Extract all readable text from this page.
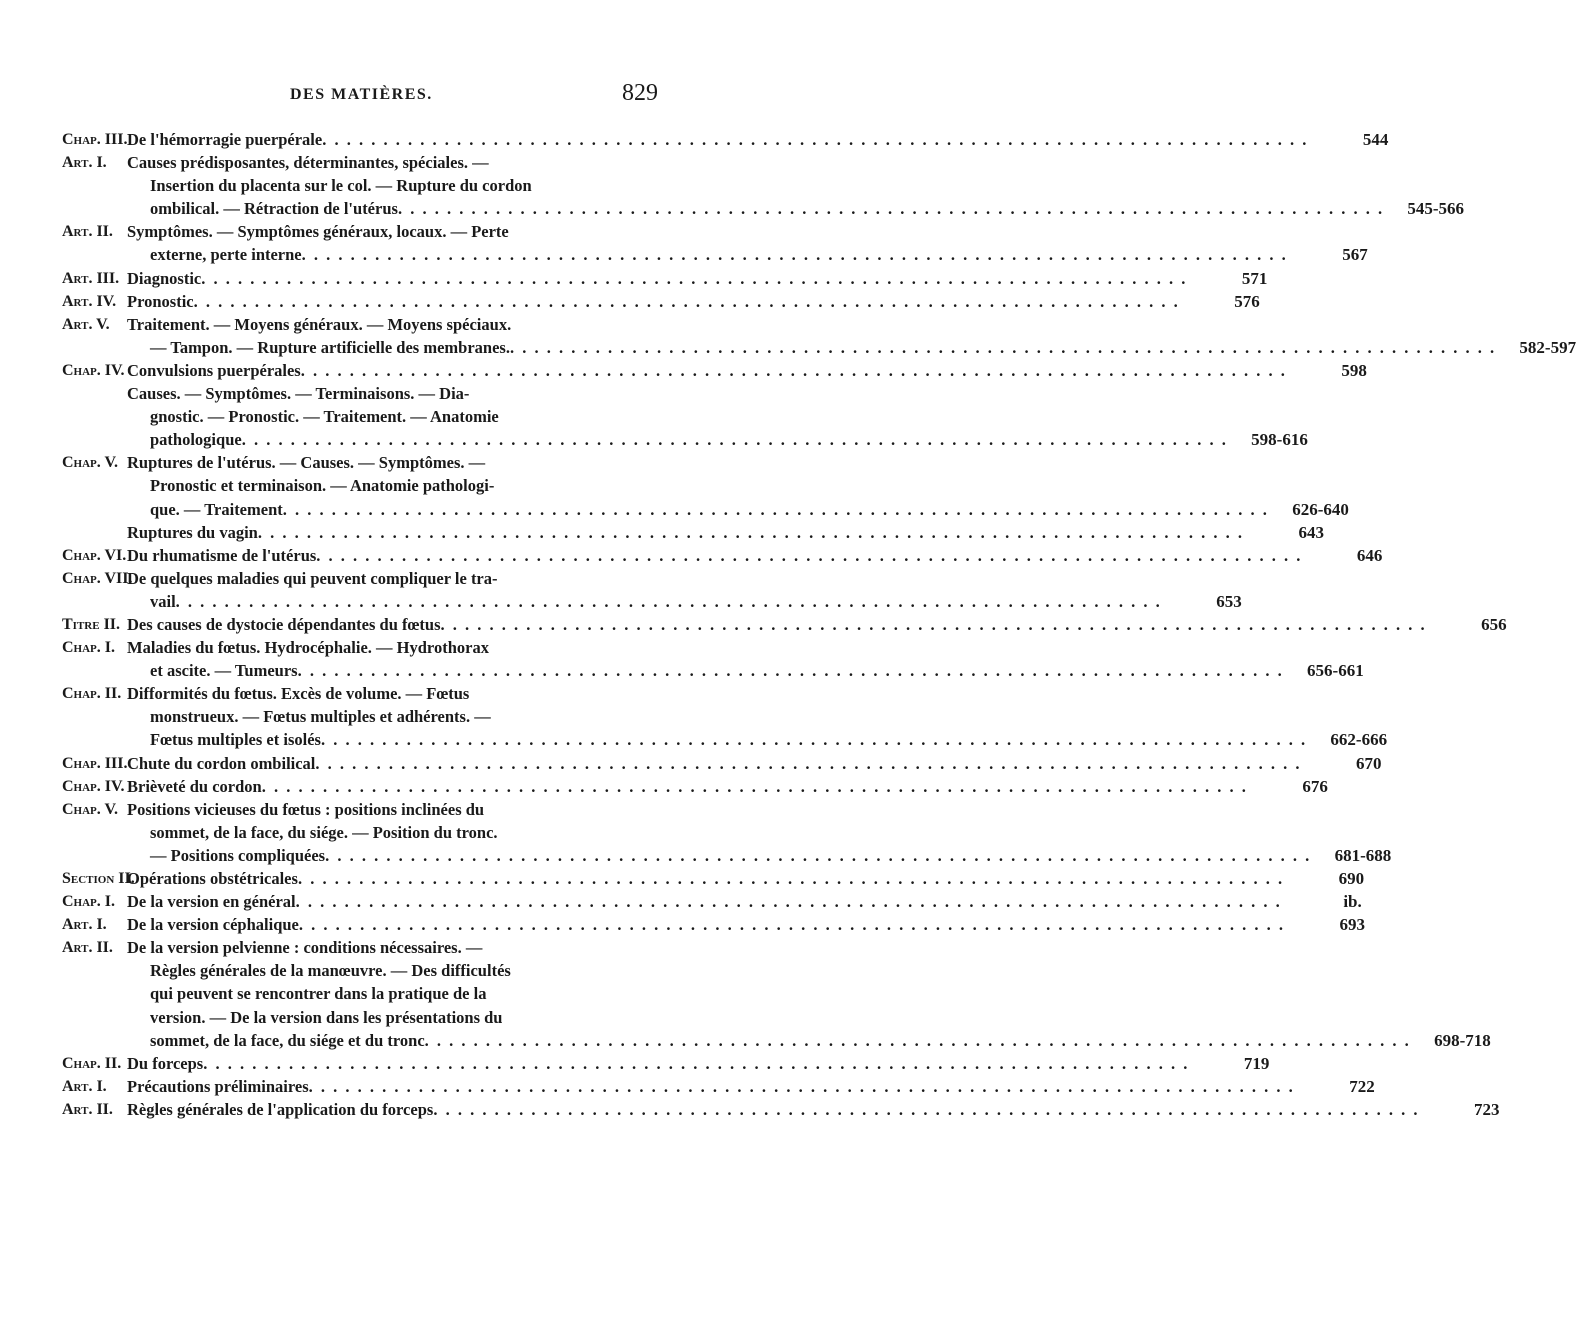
DES MATIÈRES.	829
Chap. III. De l'hémorragie puerpérale . . . . . . . . . . . . . . . . . . . . . . . . . . . . . . . . . . . . . . . . . . . . . . . . . . . . . . . . . . . . . . . . . . . . . . . . . . . . . . . . .	544
Art. I. Causes prédisposantes, déterminantes, spéciales. —
Insertion du placenta sur le col. — Rupture du cordon
ombilical. — Rétraction de l'utérus . . . . . . . . . . . . . . . . . . . . . . . . . . . . . . . . . . . . . . . . . . . . . . . . . . . . . . . . . . . . . . . . . . . . . . . . . . . . . . . . .	545-566
Art. II. Symptômes. — Symptômes généraux, locaux. — Perte
externe, perte interne . . . . . . . . . . . . . . . . . . . . . . . . . . . . . . . . . . . . . . . . . . . . . . . . . . . . . . . . . . . . . . . . . . . . . . . . . . . . . . . . .	567
Art. III. Diagnostic . . . . . . . . . . . . . . . . . . . . . . . . . . . . . . . . . . . . . . . . . . . . . . . . . . . . . . . . . . . . . . . . . . . . . . . . . . . . . . . . .	571
Art. IV. Pronostic . . . . . . . . . . . . . . . . . . . . . . . . . . . . . . . . . . . . . . . . . . . . . . . . . . . . . . . . . . . . . . . . . . . . . . . . . . . . . . . . .	576
Art. V. Traitement. — Moyens généraux. — Moyens spéciaux.
— Tampon. — Rupture artificielle des membranes. . . . . . . . . . . . . . . . . . . . . . . . . . . . . . . . . . . . . . . . . . . . . . . . . . . . . . . . . . . . . . . . . . . . . . . . . . . . . . . . . .	582-597
Chap. IV. Convulsions puerpérales . . . . . . . . . . . . . . . . . . . . . . . . . . . . . . . . . . . . . . . . . . . . . . . . . . . . . . . . . . . . . . . . . . . . . . . . . . . . . . . . .	598
Causes. — Symptômes. — Terminaisons. — Dia-
gnostic. — Pronostic. — Traitement. — Anatomie
pathologique . . . . . . . . . . . . . . . . . . . . . . . . . . . . . . . . . . . . . . . . . . . . . . . . . . . . . . . . . . . . . . . . . . . . . . . . . . . . . . . . .	598-616
Chap. V. Ruptures de l'utérus. — Causes. — Symptômes. —
Pronostic et terminaison. — Anatomie pathologi-
que. — Traitement . . . . . . . . . . . . . . . . . . . . . . . . . . . . . . . . . . . . . . . . . . . . . . . . . . . . . . . . . . . . . . . . . . . . . . . . . . . . . . . . .	626-640
Ruptures du vagin . . . . . . . . . . . . . . . . . . . . . . . . . . . . . . . . . . . . . . . . . . . . . . . . . . . . . . . . . . . . . . . . . . . . . . . . . . . . . . . . .	643
Chap. VI. Du rhumatisme de l'utérus . . . . . . . . . . . . . . . . . . . . . . . . . . . . . . . . . . . . . . . . . . . . . . . . . . . . . . . . . . . . . . . . . . . . . . . . . . . . . . . . .	646
Chap. VII.
De quelques maladies qui peuvent compliquer le tra-
vail . . . . . . . . . . . . . . . . . . . . . . . . . . . . . . . . . . . . . . . . . . . . . . . . . . . . . . . . . . . . . . . . . . . . . . . . . . . . . . . . .	653
Titre II. Des causes de dystocie dépendantes du fœtus . . . . . . . . . . . . . . . . . . . . . . . . . . . . . . . . . . . . . . . . . . . . . . . . . . . . . . . . . . . . . . . . . . . . . . . . . . . . . . . . .	656
Chap. I. Maladies du fœtus. Hydrocéphalie. — Hydrothorax
et ascite. — Tumeurs . . . . . . . . . . . . . . . . . . . . . . . . . . . . . . . . . . . . . . . . . . . . . . . . . . . . . . . . . . . . . . . . . . . . . . . . . . . . . . . . .	656-661
Chap. II. Difformités du fœtus. Excès de volume. — Fœtus
monstrueux. — Fœtus multiples et adhérents. —
Fœtus multiples et isolés . . . . . . . . . . . . . . . . . . . . . . . . . . . . . . . . . . . . . . . . . . . . . . . . . . . . . . . . . . . . . . . . . . . . . . . . . . . . . . . . .	662-666
Chap. III. Chute du cordon ombilical . . . . . . . . . . . . . . . . . . . . . . . . . . . . . . . . . . . . . . . . . . . . . . . . . . . . . . . . . . . . . . . . . . . . . . . . . . . . . . . . .	670
Chap. IV. Brièveté du cordon . . . . . . . . . . . . . . . . . . . . . . . . . . . . . . . . . . . . . . . . . . . . . . . . . . . . . . . . . . . . . . . . . . . . . . . . . . . . . . . . .	676
Chap. V. Positions vicieuses du fœtus : positions inclinées du
sommet, de la face, du siége. — Position du tronc.
— Positions compliquées . . . . . . . . . . . . . . . . . . . . . . . . . . . . . . . . . . . . . . . . . . . . . . . . . . . . . . . . . . . . . . . . . . . . . . . . . . . . . . . . .	681-688
Section II.
Opérations obstétricales . . . . . . . . . . . . . . . . . . . . . . . . . . . . . . . . . . . . . . . . . . . . . . . . . . . . . . . . . . . . . . . . . . . . . . . . . . . . . . . . .	690
Chap. I. De la version en général . . . . . . . . . . . . . . . . . . . . . . . . . . . . . . . . . . . . . . . . . . . . . . . . . . . . . . . . . . . . . . . . . . . . . . . . . . . . . . . . .	ib.
Art. I. De la version céphalique . . . . . . . . . . . . . . . . . . . . . . . . . . . . . . . . . . . . . . . . . . . . . . . . . . . . . . . . . . . . . . . . . . . . . . . . . . . . . . . . .	693
Art. II. De la version pelvienne : conditions nécessaires. —
Règles générales de la manœuvre. — Des difficultés
qui peuvent se rencontrer dans la pratique de la
version. — De la version dans les présentations du
sommet, de la face, du siége et du tronc . . . . . . . . . . . . . . . . . . . . . . . . . . . . . . . . . . . . . . . . . . . . . . . . . . . . . . . . . . . . . . . . . . . . . . . . . . . . . . . . .	698-718
Chap. II. Du forceps . . . . . . . . . . . . . . . . . . . . . . . . . . . . . . . . . . . . . . . . . . . . . . . . . . . . . . . . . . . . . . . . . . . . . . . . . . . . . . . . .	719
Art. I. Précautions préliminaires . . . . . . . . . . . . . . . . . . . . . . . . . . . . . . . . . . . . . . . . . . . . . . . . . . . . . . . . . . . . . . . . . . . . . . . . . . . . . . . . .	722
Art. II. Règles générales de l'application du forceps . . . . . . . . . . . . . . . . . . . . . . . . . . . . . . . . . . . . . . . . . . . . . . . . . . . . . . . . . . . . . . . . . . . . . . . . . . . . . . . . .	723
